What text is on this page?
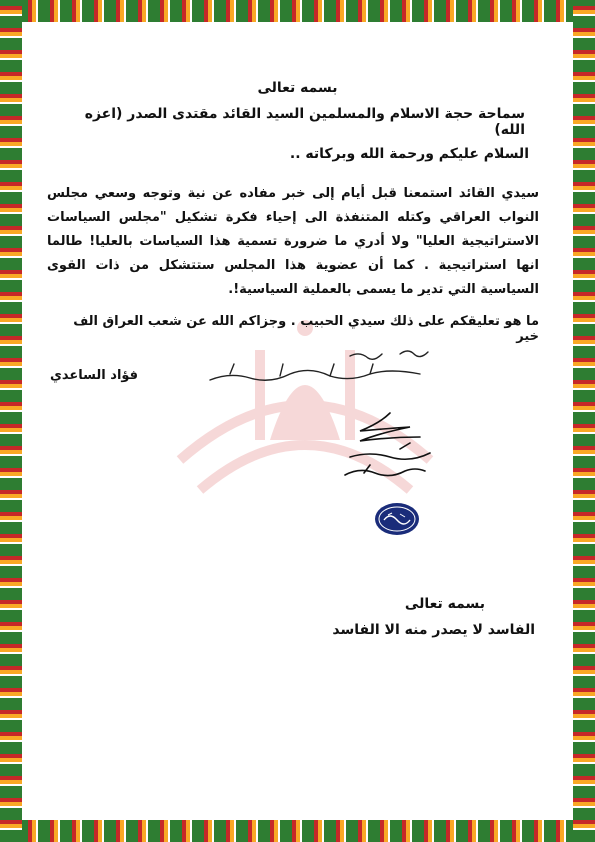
بسمه تعالى
سماحة حجة الاسلام والمسلمين السيد القائد مقتدى الصدر (اعزه الله)
السلام عليكم ورحمة الله وبركاته ..
سيدي القائد استمعنا قبل أيام إلى خبر مفاده عن نية وتوجه وسعي مجلس النواب العراقي وكتله المتنفذة الى إحياء فكرة تشكيل "مجلس السياسات الاستراتيجية العليا" ولا أدري ما ضرورة تسمية هذا السياسات بالعليا! طالما انها استراتيجية . كما أن عضوية هذا المجلس ستتشكل من ذات القوى السياسية التي تدير ما يسمى بالعملية السياسية!.
ما هو تعليقكم على ذلك سيدي الحبيب . وجزاكم الله عن شعب العراق الف خير
فؤاد الساعدي
بسمه تعالى
الفاسد لا يصدر منه الا الفاسد
